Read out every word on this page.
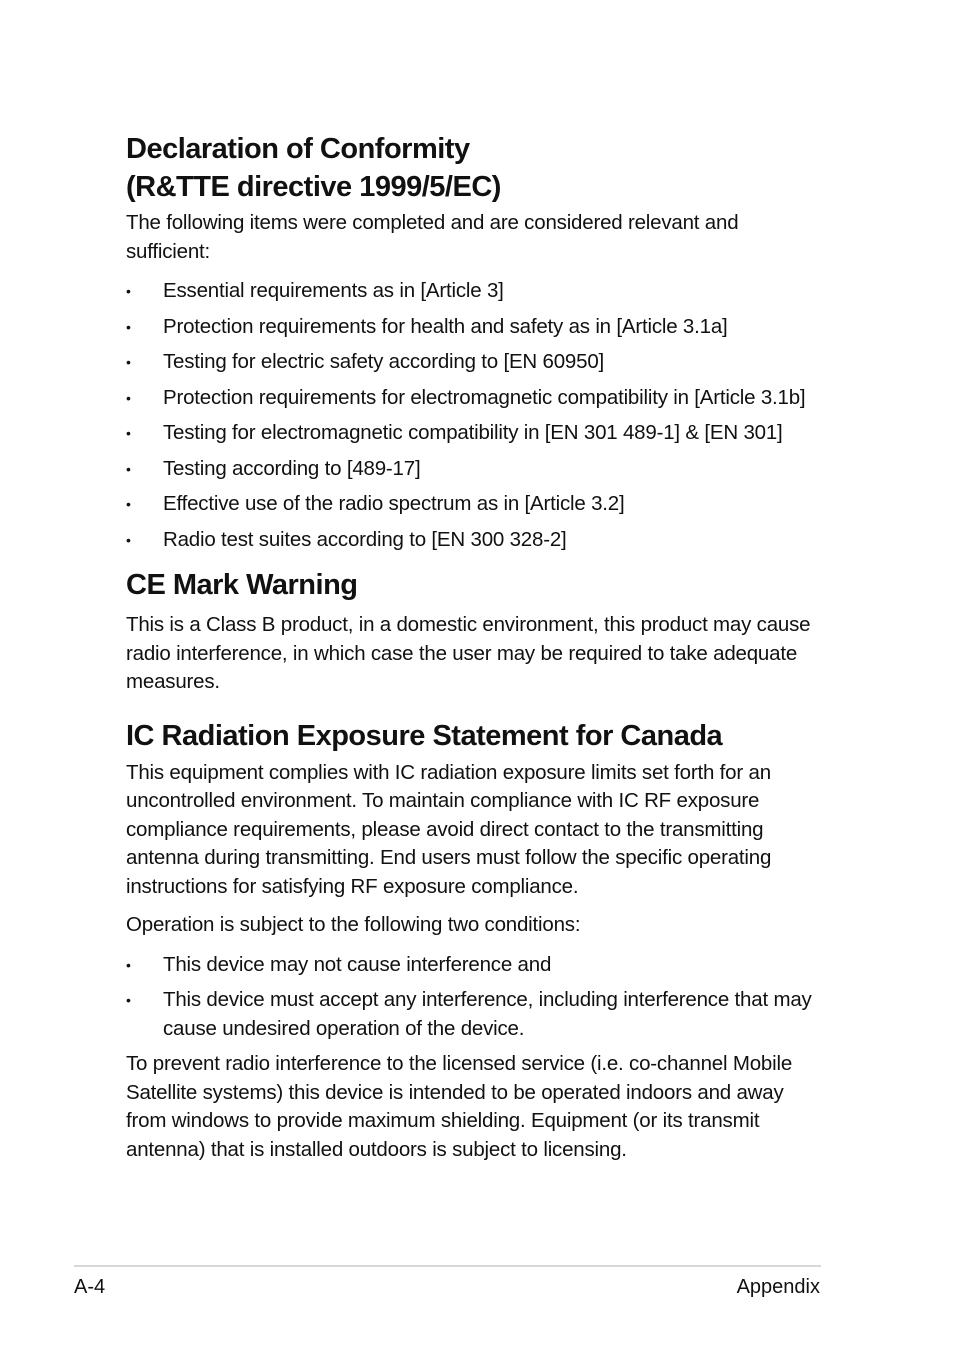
Declaration of Conformity
(R&TTE directive 1999/5/EC)

The following items were completed and are considered relevant and sufficient:

• Essential requirements as in [Article 3]
• Protection requirements for health and safety as in [Article 3.1a]
• Testing for electric safety according to [EN 60950]
• Protection requirements for electromagnetic compatibility in [Article 3.1b]
• Testing for electromagnetic compatibility in [EN 301 489-1] & [EN 301]
• Testing according to [489-17]
• Effective use of the radio spectrum as in [Article 3.2]
• Radio test suites according to [EN 300 328-2]
CE Mark Warning

This is a Class B product, in a domestic environment, this product may cause radio interference, in which case the user may be required to take adequate measures.

IC Radiation Exposure Statement for Canada

This equipment complies with IC radiation exposure limits set forth for an uncontrolled environment. To maintain compliance with IC RF exposure compliance requirements, please avoid direct contact to the transmitting antenna during transmitting. End users must follow the specific operating instructions for satisfying RF exposure compliance.

Operation is subject to the following two conditions:

• This device may not cause interference and
• This device must accept any interference, including interference that may cause undesired operation of the device.

To prevent radio interference to the licensed service (i.e. co-channel Mobile Satellite systems) this device is intended to be operated indoors and away from windows to provide maximum shielding. Equipment (or its transmit antenna) that is installed outdoors is subject to licensing.

A-4	Appendix
